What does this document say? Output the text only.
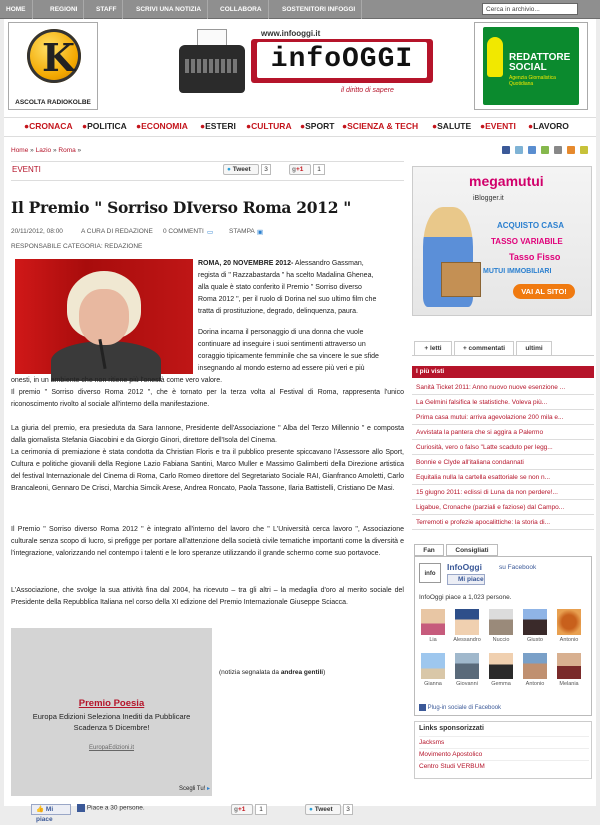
HOME	REGIONI	STAFF	SCRIVI UNA NOTIZIA	COLLABORA	SOSTENITORI INFOGGI	Cerca in archivio...
K
ASCOLTA RADIOKOLBE
www.infooggi.it
infoOGGI
il diritto di sapere
REDATTORE SOCIAL
Agenzia Giornalistica Quotidiana
●CRONACA ●POLITICA ●ECONOMIA ●ESTERI ●CULTURA ●SPORT ●SCIENZA & TECH ●SALUTE ●EVENTI ●LAVORO
Home » Lazio » Roma »

EVENTI	● Tweet	3	g+1	1
Il Premio " Sorriso DIverso Roma 2012 "
20/11/2012, 08:00	A CURA DI REDAZIONE 0 COMMENTI ▭ STAMPA ▣
RESPONSABILE CATEGORIA: REDAZIONE
ROMA, 20 NOVEMBRE 2012- Alessandro Gassman,
regista di " Razzabastarda " ha scelto Madalina Ghenea,
alla quale è stato conferito il Premio " Sorriso diverso
Roma 2012 ", per il ruolo di Dorina nel suo ultimo film che
tratta di prostituzione, degrado, delinquenza, paura.
Dorina incarna il personaggio di una donna che vuole
continuare ad inseguire i suoi sentimenti attraverso un
coraggio tipicamente femminile che sa vincere le sue sfide
insegnando al mondo esterno ad essere più veri e più
onesti, in un ambiente che non ritiene più l'onestà come vero valore.
Il premio " Sorriso diverso Roma 2012 ", che è tornato per la terza volta al Festival di Roma, rappresenta l'unico riconoscimento rivolto al sociale all'interno della manifestazione.
La giuria del premio, era presieduta da Sara Iannone, Presidente dell'Associazione " Alba del Terzo Millennio " e composta dalla giornalista Stefania Giacobini e da Giorgio Ginori, direttore dell'Isola del Cinema.
La cerimonia di premiazione è stata condotta da Christian Floris e tra il pubblico presente spiccavano l'Assessore allo Sport, Cultura e politiche giovanili della Regione Lazio Fabiana Santini, Marco Muller e Massimo Galimberti della Direzione artistica del festival Internazionale del Cinema di Roma, Carlo Romeo direttore del Segretariato Sociale RAI, Gianfranco Amoletti, Carlo Brancaleoni, Gennaro De Crisci, Marchia Simcik Arese, Andrea Roncato, Paola Tassone, Ilaria Battistelli, Cristiano De Masi.
Il Premio " Sorriso diverso Roma 2012 " è integrato all'interno del lavoro che " L'Università cerca lavoro ", Associazione culturale senza scopo di lucro, si prefigge per portare all'attenzione della società civile tematiche importanti come la diversità e l'integrazione, valorizzando nel contempo i talenti e le loro speranze utilizzando il grande schermo come suo portavoce.
L'Associazione, che svolge la sua attività fina dal 2004, ha ricevuto – tra gli altri – la medaglia d'oro al merito sociale del Presidente della Repubblica Italiana nel corso della XI edizione del Premio Internazionale Giuseppe Sciacca.
Premio Poesia
Europa Edizioni Seleziona Inediti da Pubblicare
Scadenza 5 Dicembre!
EuropaEdizioni.it
Scegli Tu! ▸
(notizia segnalata da andrea gentili)
👍 Mi piace
Piace a 30 persone.	g+1	1	● Tweet	3
megamutui
iBlogger.it
ACQUISTO CASA
TASSO VARIABILE
Tasso Fisso
MUTUI IMMOBILIARI
VAI AL SITO!
+ letti	+ commentati	ultimi
I più visti
Sanità Ticket 2011: Anno nuovo nuove esenzione ...
La Gelmini falsifica le statistiche. Voleva più...
Prima casa mutui: arriva agevolazione 200 mila e...
Avvistata la pantera che si aggira a Palermo
Curiosità, vero o falso "Latte scaduto per legg...
Bonnie e Clyde all'italiana condannati
Equitalia nulla la cartella esattoriale se non n...
15 giugno 2011: eclissi di Luna da non perdere!...
Ligabue, Cronache (parziali e faziose) dal Campo...
Terremoti e profezie apocalittiche: la storia di...
Fan	Consigliati
info
InfoOggi	su Facebook
Mi piace
InfoOggi piace a 1,023 persone.
Lia	Alessandro	Nuccio	Giusto	Antonio
Gianna	Giovanni	Gemma	Antonio	Melania
Plug-in sociale di Facebook
Links sponsorizzati
Jacksms
Movimento Apostolico
Centro Studi VERBUM
